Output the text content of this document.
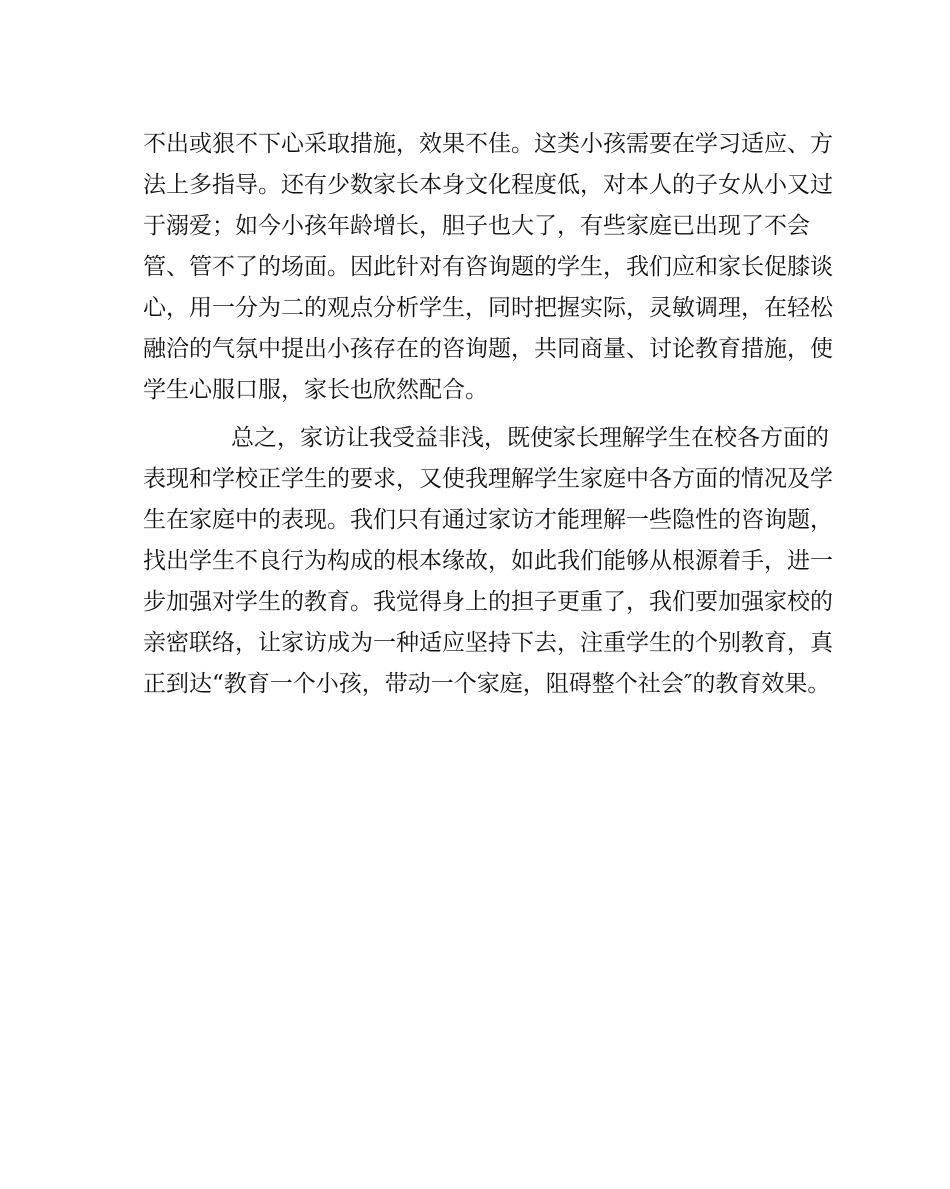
不出或狠不下心采取措施，效果不佳。这类小孩需要在学习适应、方
法上多指导。还有少数家长本身文化程度低，对本人的子女从小又过
于溺爱；如今小孩年龄增长，胆子也大了，有些家庭已出现了不会
管、管不了的场面。因此针对有咨询题的学生，我们应和家长促膝谈
心，用一分为二的观点分析学生，同时把握实际，灵敏调理，在轻松
融洽的气氛中提出小孩存在的咨询题，共同商量、讨论教育措施，使
学生心服口服，家长也欣然配合。
总之，家访让我受益非浅，既使家长理解学生在校各方面的
表现和学校正学生的要求，又使我理解学生家庭中各方面的情况及学
生在家庭中的表现。我们只有通过家访才能理解一些隐性的咨询题，
找出学生不良行为构成的根本缘故，如此我们能够从根源着手，进一
步加强对学生的教育。我觉得身上的担子更重了，我们要加强家校的
亲密联络，让家访成为一种适应坚持下去，注重学生的个别教育，真
正到达“教育一个小孩，带动一个家庭，阻碍整个社会″的教育效果。
